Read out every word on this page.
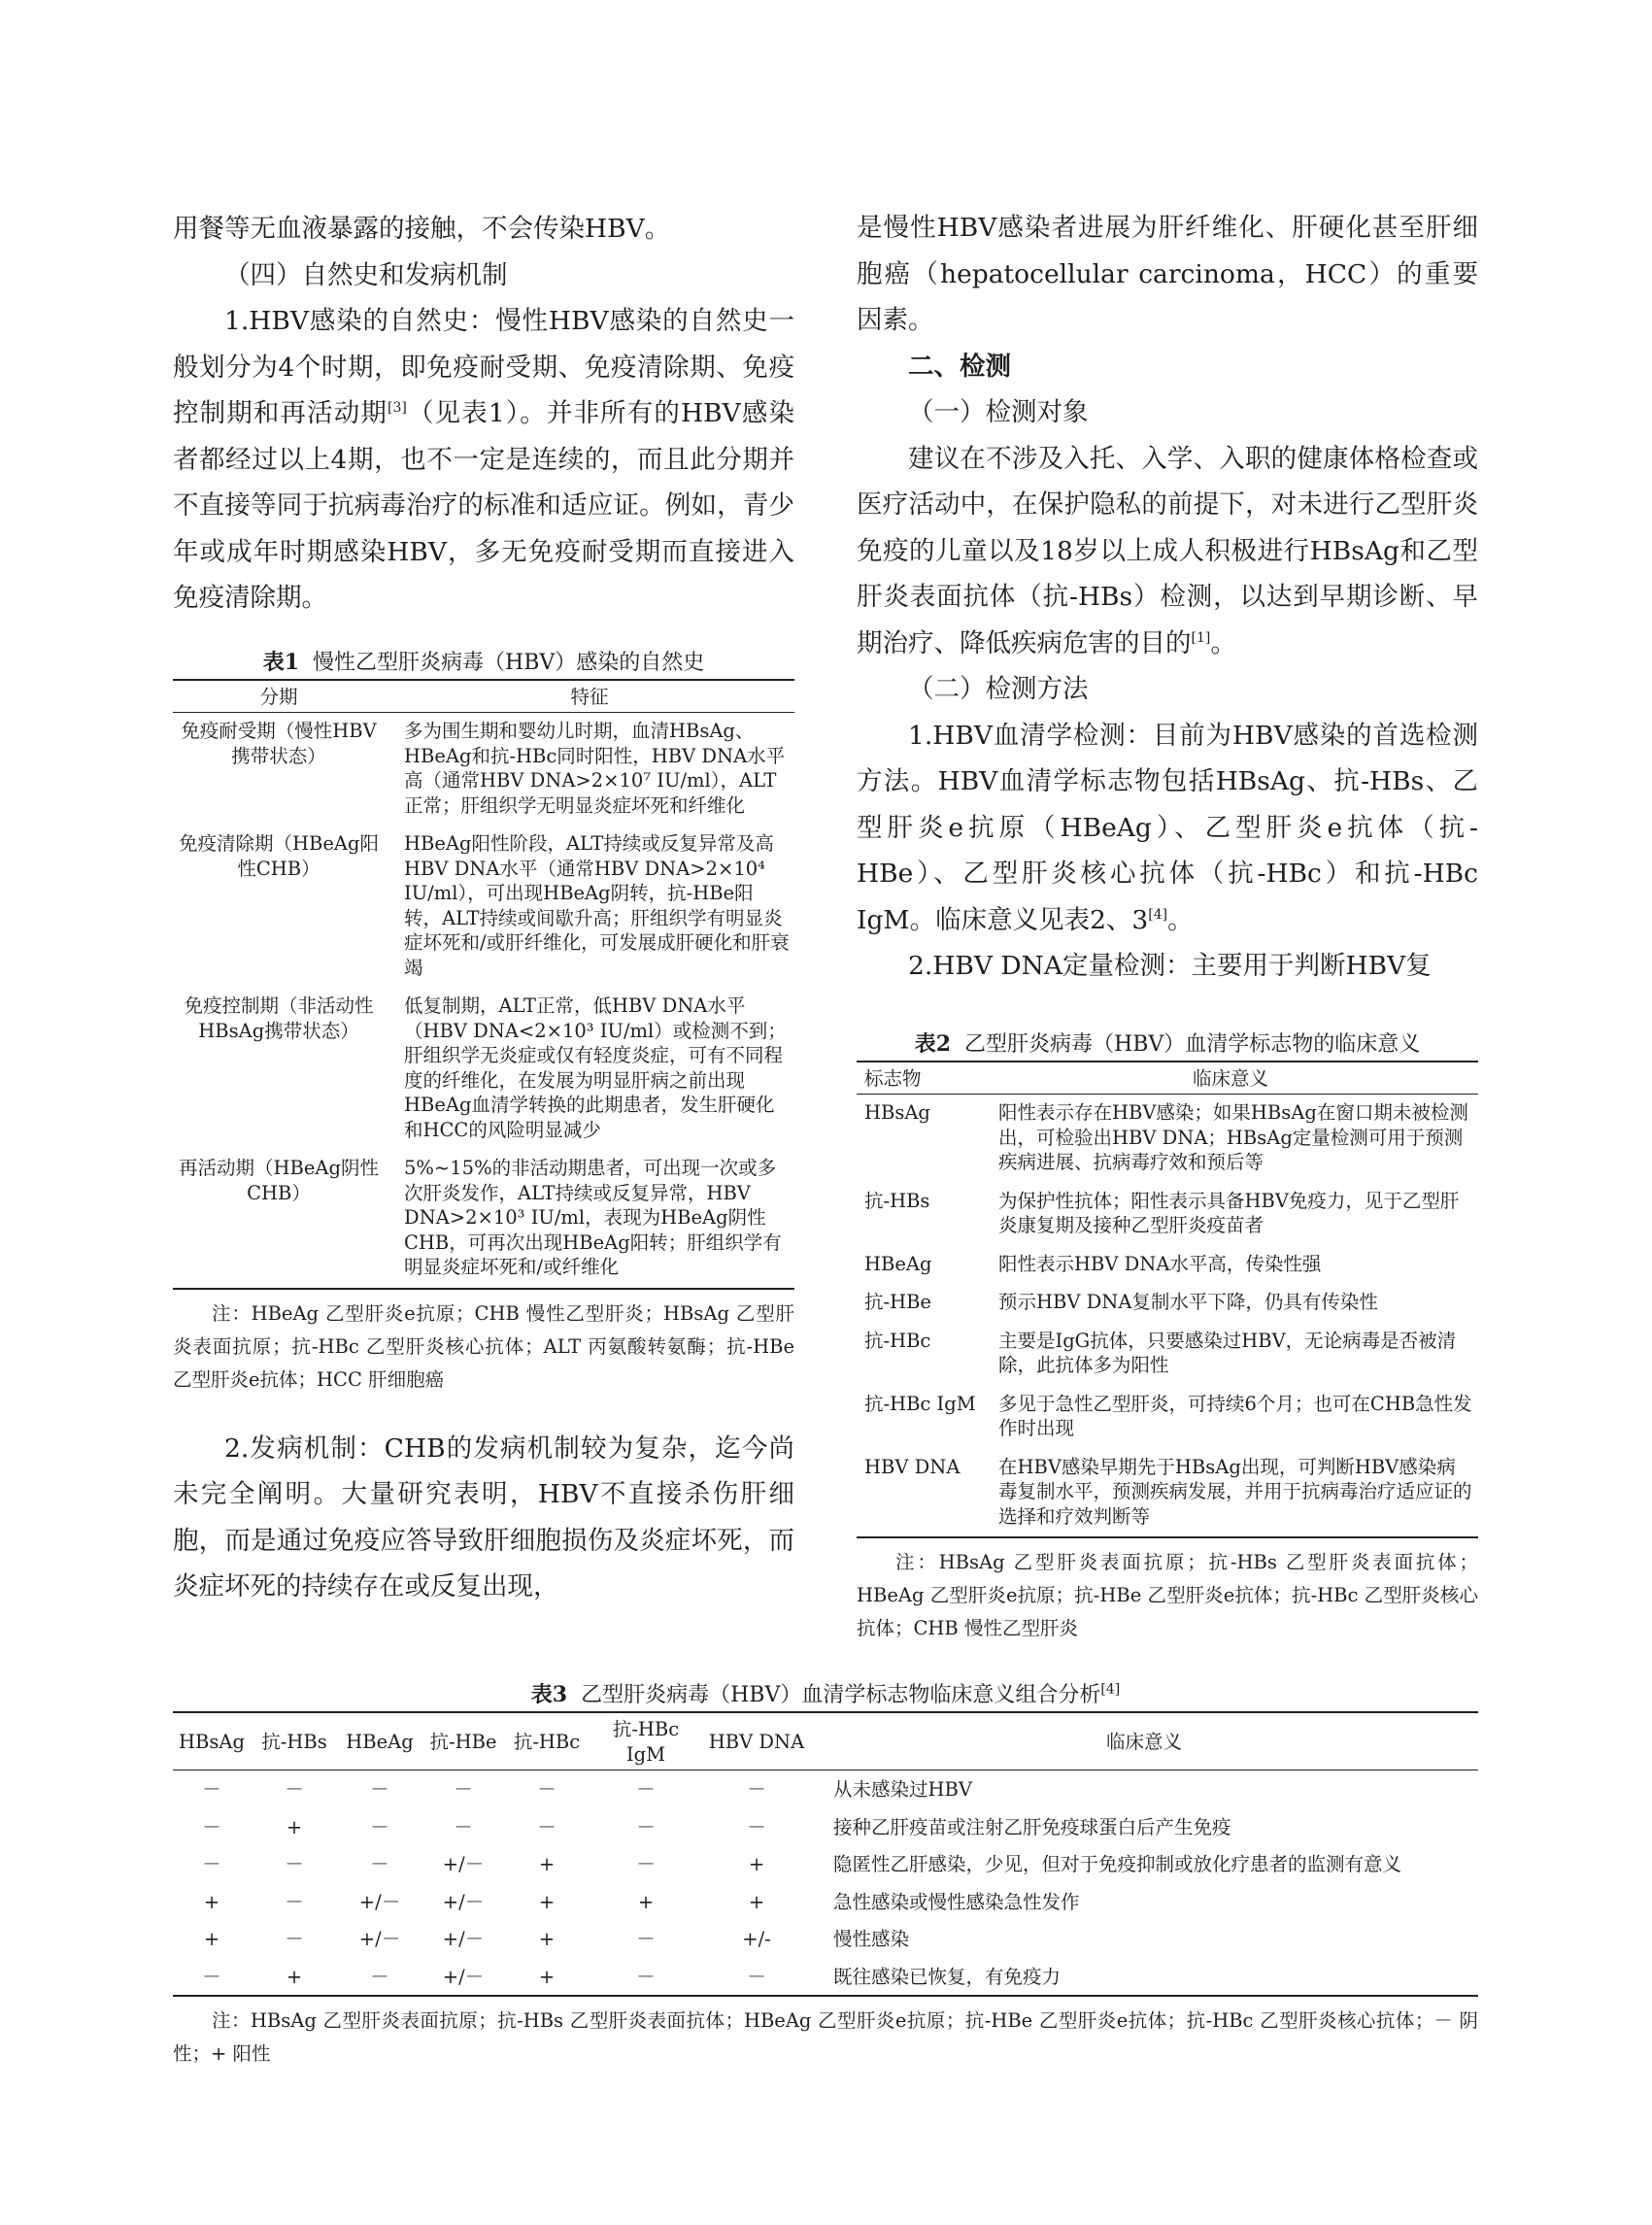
用餐等无血液暴露的接触，不会传染HBV。

（四）自然史和发病机制

1.HBV感染的自然史：慢性HBV感染的自然史一般划分为4个时期，即免疫耐受期、免疫清除期、免疫控制期和再活动期[3]（见表1）。并非所有的HBV感染者都经过以上4期，也不一定是连续的，而且此分期并不直接等同于抗病毒治疗的标准和适应证。例如，青少年或成年时期感染HBV，多无免疫耐受期而直接进入免疫清除期。

表1 慢性乙型肝炎病毒（HBV）感染的自然史

分期	特征
免疫耐受期（慢性HBV携带状态）	多为围生期和婴幼儿时期，血清HBsAg、HBeAg和抗-HBc同时阳性，HBV DNA水平高（通常HBV DNA>2×10⁷ IU/ml），ALT正常；肝组织学无明显炎症坏死和纤维化
免疫清除期（HBeAg阳性CHB）	HBeAg阳性阶段，ALT持续或反复异常及高HBV DNA水平（通常HBV DNA>2×10⁴ IU/ml），可出现HBeAg阴转，抗-HBe阳转，ALT持续或间歇升高；肝组织学有明显炎症坏死和/或肝纤维化，可发展成肝硬化和肝衰竭
免疫控制期（非活动性HBsAg携带状态）	低复制期，ALT正常，低HBV DNA水平（HBV DNA<2×10³ IU/ml）或检测不到；肝组织学无炎症或仅有轻度炎症，可有不同程度的纤维化，在发展为明显肝病之前出现HBeAg血清学转换的此期患者，发生肝硬化和HCC的风险明显减少
再活动期（HBeAg阴性CHB）	5%~15%的非活动期患者，可出现一次或多次肝炎发作，ALT持续或反复异常，HBV DNA>2×10³ IU/ml，表现为HBeAg阴性CHB，可再次出现HBeAg阳转；肝组织学有明显炎症坏死和/或纤维化

注：HBeAg 乙型肝炎e抗原；CHB 慢性乙型肝炎；HBsAg 乙型肝炎表面抗原；抗-HBc 乙型肝炎核心抗体；ALT 丙氨酸转氨酶；抗-HBe 乙型肝炎e抗体；HCC 肝细胞癌

2.发病机制：CHB的发病机制较为复杂，迄今尚未完全阐明。大量研究表明，HBV不直接杀伤肝细胞，而是通过免疫应答导致肝细胞损伤及炎症坏死，而炎症坏死的持续存在或反复出现，

是慢性HBV感染者进展为肝纤维化、肝硬化甚至肝细胞癌（hepatocellular carcinoma，HCC）的重要因素。

二、检测

（一）检测对象

建议在不涉及入托、入学、入职的健康体格检查或医疗活动中，在保护隐私的前提下，对未进行乙型肝炎免疫的儿童以及18岁以上成人积极进行HBsAg和乙型肝炎表面抗体（抗-HBs）检测，以达到早期诊断、早期治疗、降低疾病危害的目的[1]。

（二）检测方法

1.HBV血清学检测：目前为HBV感染的首选检测方法。HBV血清学标志物包括HBsAg、抗-HBs、乙型肝炎e抗原（HBeAg）、乙型肝炎e抗体（抗-HBe）、乙型肝炎核心抗体（抗-HBc）和抗-HBc IgM。临床意义见表2、3[4]。

2.HBV DNA定量检测：主要用于判断HBV复

表2 乙型肝炎病毒（HBV）血清学标志物的临床意义

标志物	临床意义
HBsAg	阳性表示存在HBV感染；如果HBsAg在窗口期未被检测出，可检验出HBV DNA；HBsAg定量检测可用于预测疾病进展、抗病毒疗效和预后等
抗-HBs	为保护性抗体；阳性表示具备HBV免疫力，见于乙型肝炎康复期及接种乙型肝炎疫苗者
HBeAg	阳性表示HBV DNA水平高，传染性强
抗-HBe	预示HBV DNA复制水平下降，仍具有传染性
抗-HBc	主要是IgG抗体，只要感染过HBV，无论病毒是否被清除，此抗体多为阳性
抗-HBc IgM	多见于急性乙型肝炎，可持续6个月；也可在CHB急性发作时出现
HBV DNA	在HBV感染早期先于HBsAg出现，可判断HBV感染病毒复制水平，预测疾病发展，并用于抗病毒治疗适应证的选择和疗效判断等

注：HBsAg 乙型肝炎表面抗原；抗-HBs 乙型肝炎表面抗体；HBeAg 乙型肝炎e抗原；抗-HBe 乙型肝炎e抗体；抗-HBc 乙型肝炎核心抗体；CHB 慢性乙型肝炎

表3 乙型肝炎病毒（HBV）血清学标志物临床意义组合分析[4]

HBsAg	抗-HBs	HBeAg	抗-HBe	抗-HBc	抗-HBc IgM	HBV DNA	临床意义
－	－	－	－	－	－	－	从未感染过HBV
－	+	－	－	－	－	－	接种乙肝疫苗或注射乙肝免疫球蛋白后产生免疫
－	－	－	+/－	+	－	+	隐匿性乙肝感染，少见，但对于免疫抑制或放化疗患者的监测有意义
+	－	+/－	+/－	+	+	+	急性感染或慢性感染急性发作
+	－	+/－	+/－	+	－	+/-	慢性感染
－	+	－	+/－	+	－	－	既往感染已恢复，有免疫力

注：HBsAg 乙型肝炎表面抗原；抗-HBs 乙型肝炎表面抗体；HBeAg 乙型肝炎e抗原；抗-HBe 乙型肝炎e抗体；抗-HBc 乙型肝炎核心抗体；－ 阴性；+ 阳性
